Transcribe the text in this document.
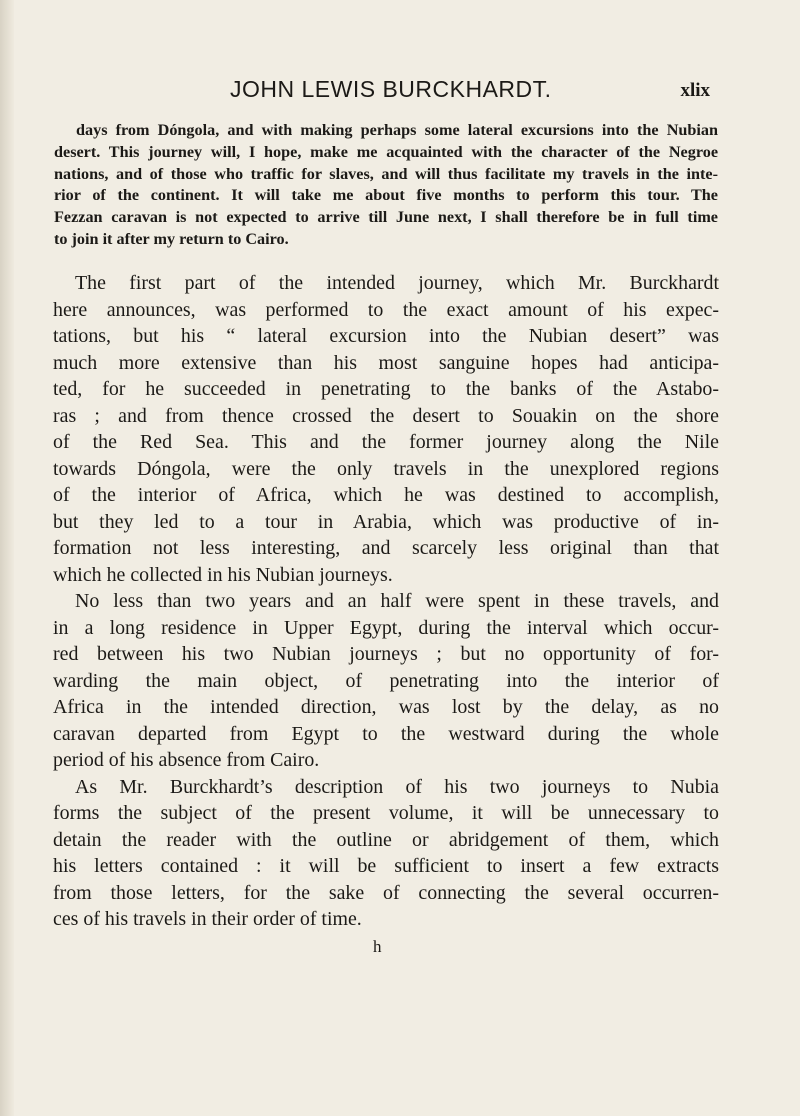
JOHN LEWIS BURCKHARDT.	xlix
days from Dóngola, and with making perhaps some lateral excursions into the Nubian
desert. This journey will, I hope, make me acquainted with the character of the Negroe
nations, and of those who traffic for slaves, and will thus facilitate my travels in the inte-
rior of the continent. It will take me about five months to perform this tour. The
Fezzan caravan is not expected to arrive till June next, I shall therefore be in full time
to join it after my return to Cairo.
The first part of the intended journey, which Mr. Burckhardt
here announces, was performed to the exact amount of his expec-
tations, but his “ lateral excursion into the Nubian desert” was
much more extensive than his most sanguine hopes had anticipa-
ted, for he succeeded in penetrating to the banks of the Astabo-
ras ; and from thence crossed the desert to Souakin on the shore
of the Red Sea. This and the former journey along the Nile
towards Dóngola, were the only travels in the unexplored regions
of the interior of Africa, which he was destined to accomplish,
but they led to a tour in Arabia, which was productive of in-
formation not less interesting, and scarcely less original than that
which he collected in his Nubian journeys.
No less than two years and an half were spent in these travels, and
in a long residence in Upper Egypt, during the interval which occur-
red between his two Nubian journeys ; but no opportunity of for-
warding the main object, of penetrating into the interior of
Africa in the intended direction, was lost by the delay, as no
caravan departed from Egypt to the westward during the whole
period of his absence from Cairo.
As Mr. Burckhardt’s description of his two journeys to Nubia
forms the subject of the present volume, it will be unnecessary to
detain the reader with the outline or abridgement of them, which
his letters contained : it will be sufficient to insert a few extracts
from those letters, for the sake of connecting the several occurren-
ces of his travels in their order of time.
h
